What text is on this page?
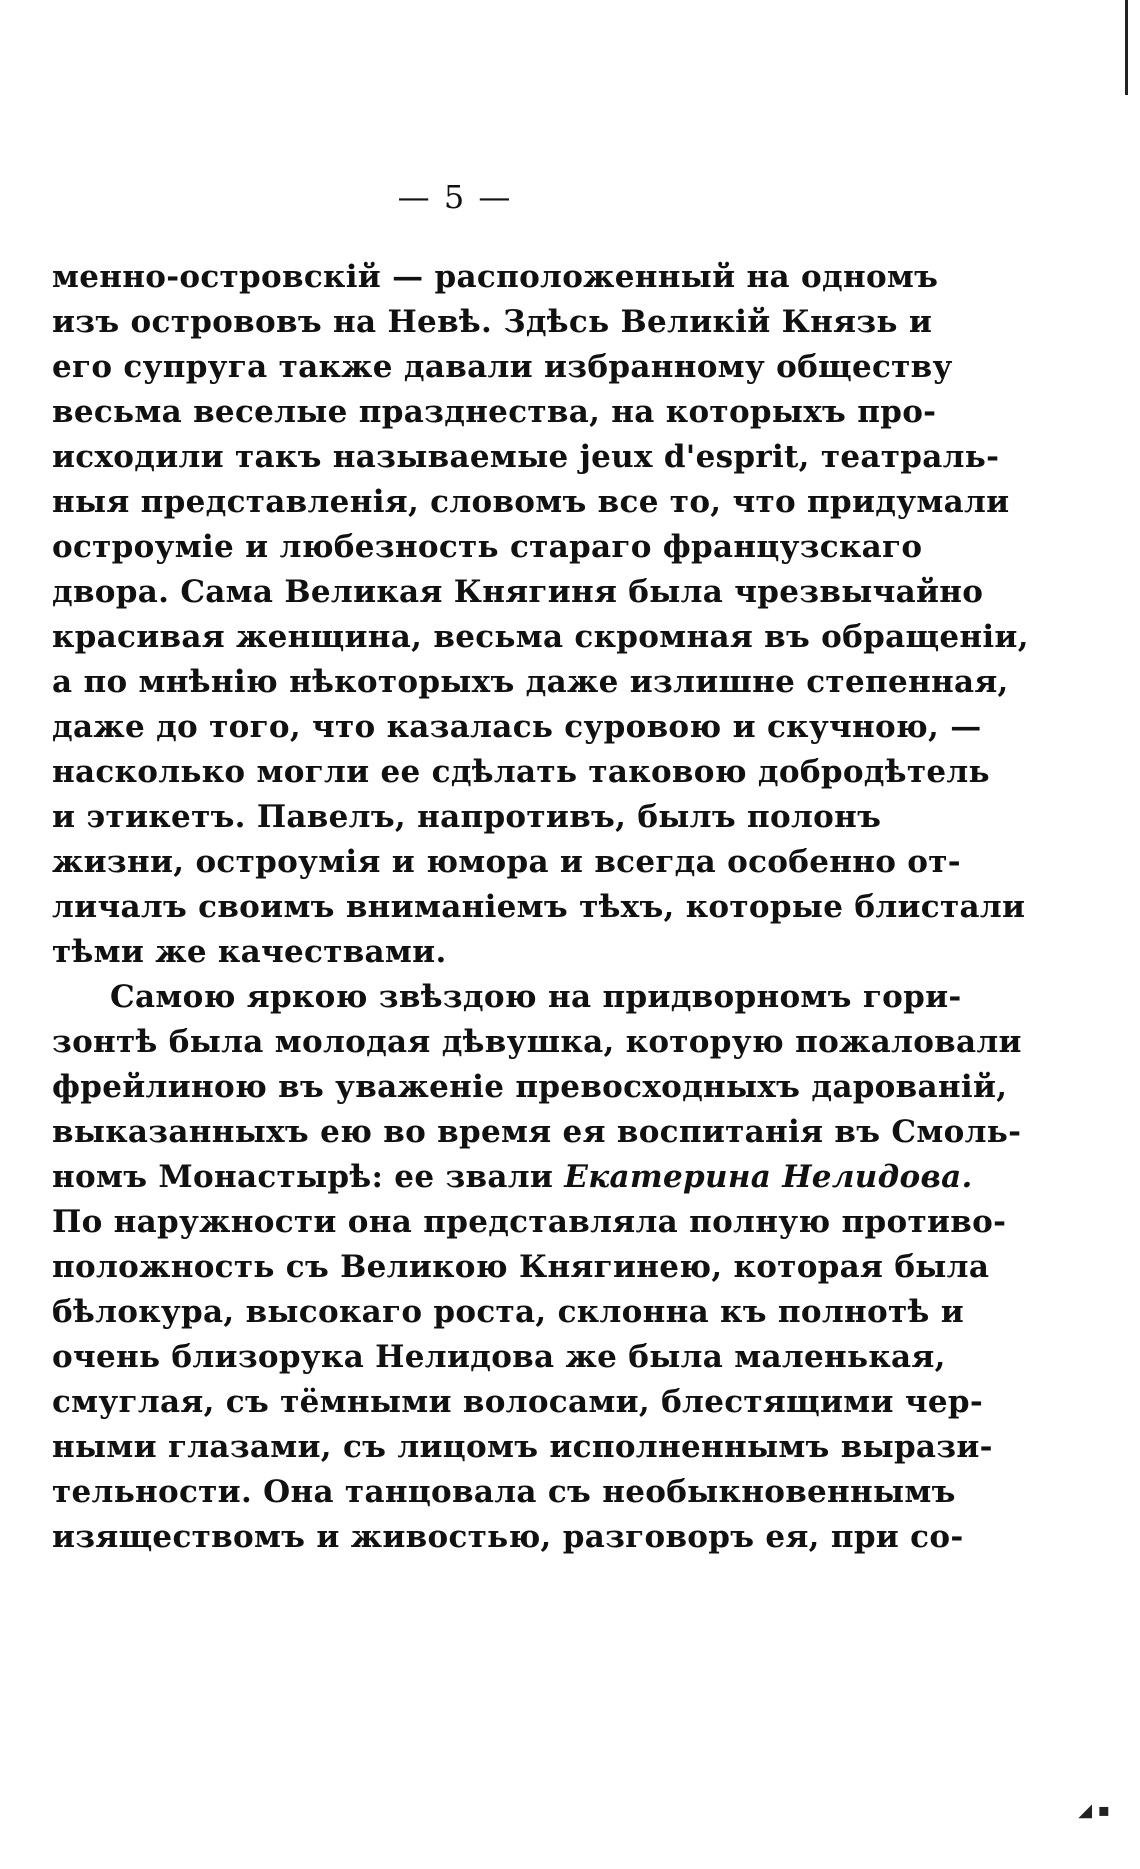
— 5 —
менно-островскій — расположенный на одномъ
изъ острововъ на Невѣ. Здѣсь Великій Князь и
его супруга также давали избранному обществу
весьма веселые празднества, на которыхъ про-
исходили такъ называемые jeux d'esprit, театраль-
ныя представленія, словомъ все то, что придумали
остроуміе и любезность стараго французскаго
двора. Сама Великая Княгиня была чрезвычайно
красивая женщина, весьма скромная въ обращеніи,
а по мнѣнію нѣкоторыхъ даже излишне степенная,
даже до того, что казалась суровою и скучною, —
насколько могли ее сдѣлать таковою добродѣтель
и этикетъ. Павелъ, напротивъ, былъ полонъ
жизни, остроумія и юмора и всегда особенно от-
личалъ своимъ вниманіемъ тѣхъ, которые блистали
тѣми же качествами.
Самою яркою звѣздою на придворномъ гори-
зонтѣ была молодая дѣвушка, которую пожаловали
фрейлиною въ уваженіе превосходныхъ дарованій,
выказанныхъ ею во время ея воспитанія въ Смоль-
номъ Монастырѣ: ее звали Екатерина Нелидова.
По наружности она представляла полную противо-
положность съ Великою Княгинею, которая была
бѣлокура, высокаго роста, склонна къ полнотѣ и
очень близорука Нелидова же была маленькая,
смуглая, съ тёмными волосами, блестящими чер-
ными глазами, съ лицомъ исполненнымъ вырази-
тельности. Она танцовала съ необыкновеннымъ
изяществомъ и живостью, разговоръ ея, при со-
◢ ▪
